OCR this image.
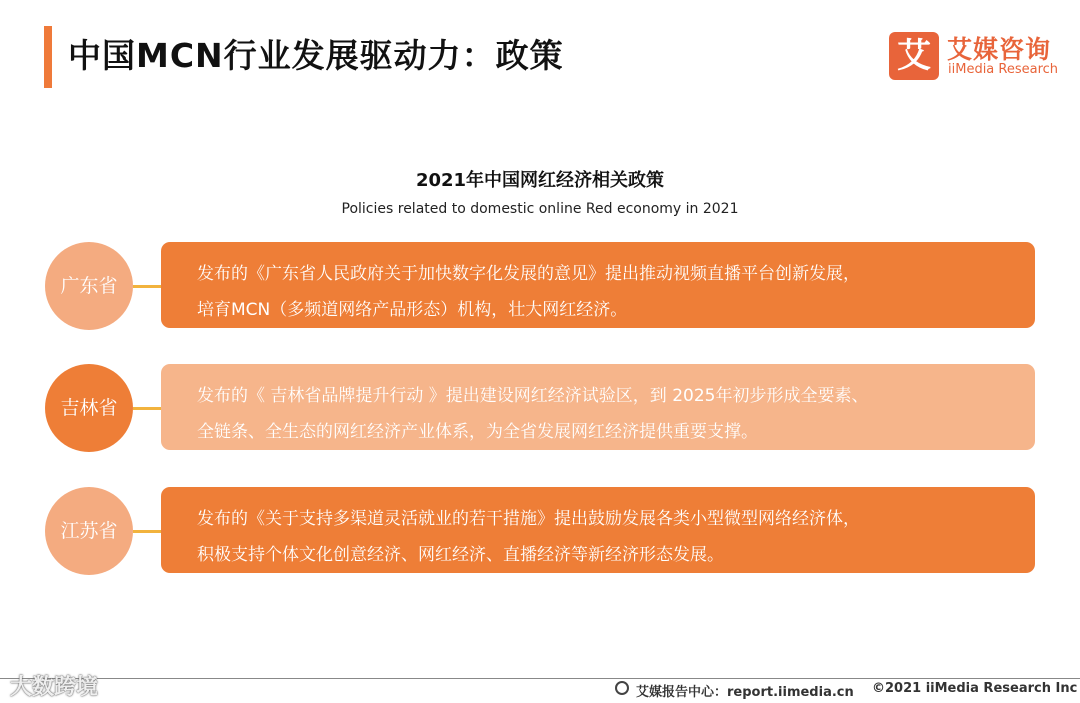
中国MCN行业发展驱动力：政策	艾 艾媒咨询
iiMedia Research
2021年中国网红经济相关政策
Policies related to domestic online Red economy in 2021
广东省
发布的《广东省人民政府关于加快数字化发展的意见》提出推动视频直播平台创新发展，
培育MCN（多频道网络产品形态）机构，壮大网红经济。
吉林省
发布的《 吉林省品牌提升行动 》提出建设网红经济试验区，到 2025年初步形成全要素、
全链条、全生态的网红经济产业体系，为全省发展网红经济提供重要支撑。
江苏省
发布的《关于支持多渠道灵活就业的若干措施》提出鼓励发展各类小型微型网络经济体，
积极支持个体文化创意经济、网红经济、直播经济等新经济形态发展。
大数跨境	艾媒报告中心：report.iimedia.cn ©2021 iiMedia Research Inc
